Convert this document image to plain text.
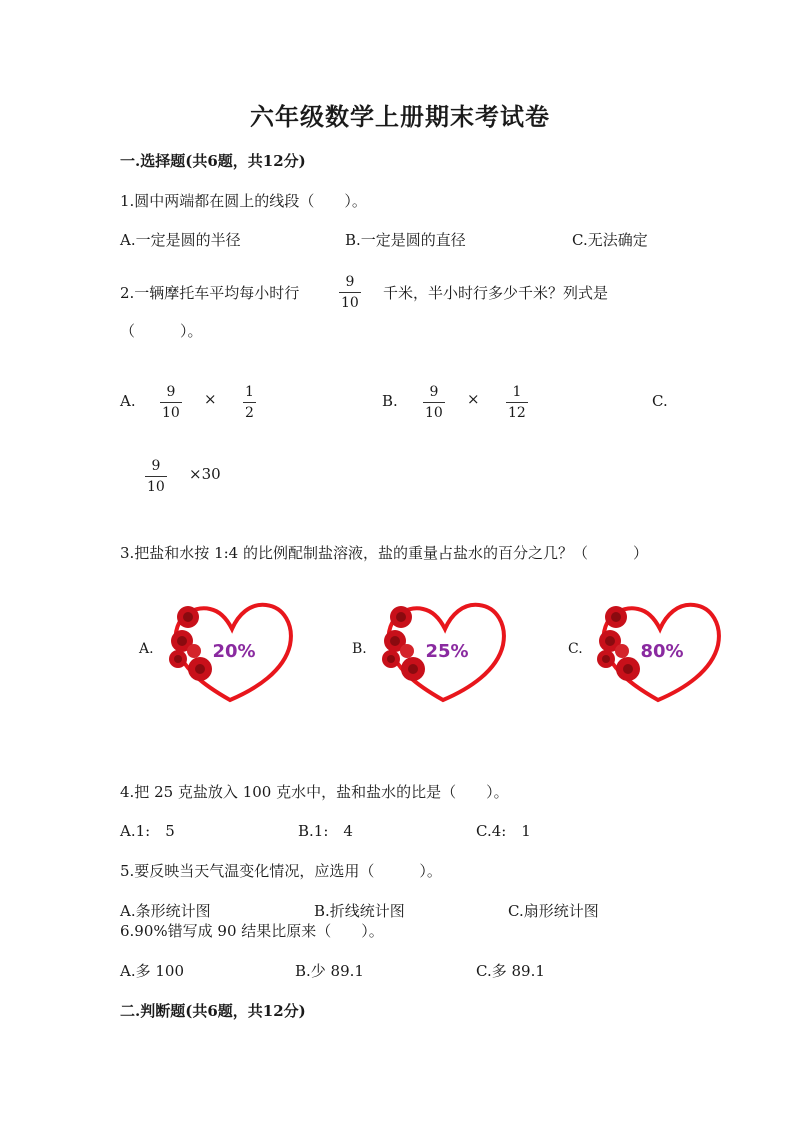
六年级数学上册期末考试卷
一.选择题(共6题，共12分)
1.圆中两端都在圆上的线段（　　）。
A.一定是圆的半径	B.一定是圆的直径	C.无法确定
2.一辆摩托车平均每小时行
9
10
千米，半小时行多少千米？列式是
（　　　）。
A. 9
10
× 1
2
B. 9
10
× 1
12
C.
9
10
×30
3.把盐和水按 1:4 的比例配制盐溶液，盐的重量占盐水的百分之几？（　　　）
A.	B.	C.
20%	25%	80%
4.把 25 克盐放入 100 克水中，盐和盐水的比是（　　）。
A.1:　5	B.1:　4	C.4:　1
5.要反映当天气温变化情况，应选用（　　　）。
A.条形统计图	B.折线统计图	C.扇形统计图
6.90%错写成 90 结果比原来（　　）。
A.多 100	B.少 89.1	C.多 89.1
二.判断题(共6题，共12分)
